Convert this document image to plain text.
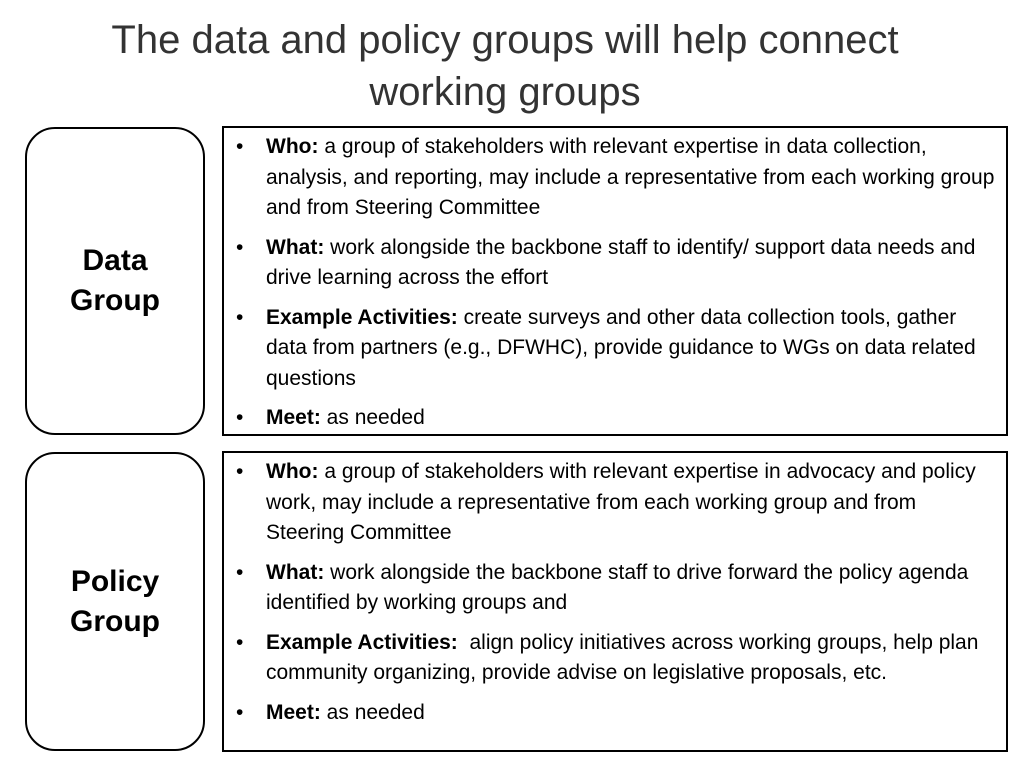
The data and policy groups will help connect working groups
Data
Group
• Who: a group of stakeholders with relevant expertise in data collection, analysis, and reporting, may include a representative from each working group and from Steering Committee
• What: work alongside the backbone staff to identify/ support data needs and drive learning across the effort
• Example Activities: create surveys and other data collection tools, gather data from partners (e.g., DFWHC), provide guidance to WGs on data related questions
• Meet: as needed
Policy
Group
• Who: a group of stakeholders with relevant expertise in advocacy and policy work, may include a representative from each working group and from Steering Committee
• What: work alongside the backbone staff to drive forward the policy agenda identified by working groups and
• Example Activities:  align policy initiatives across working groups, help plan community organizing, provide advise on legislative proposals, etc.
• Meet: as needed
